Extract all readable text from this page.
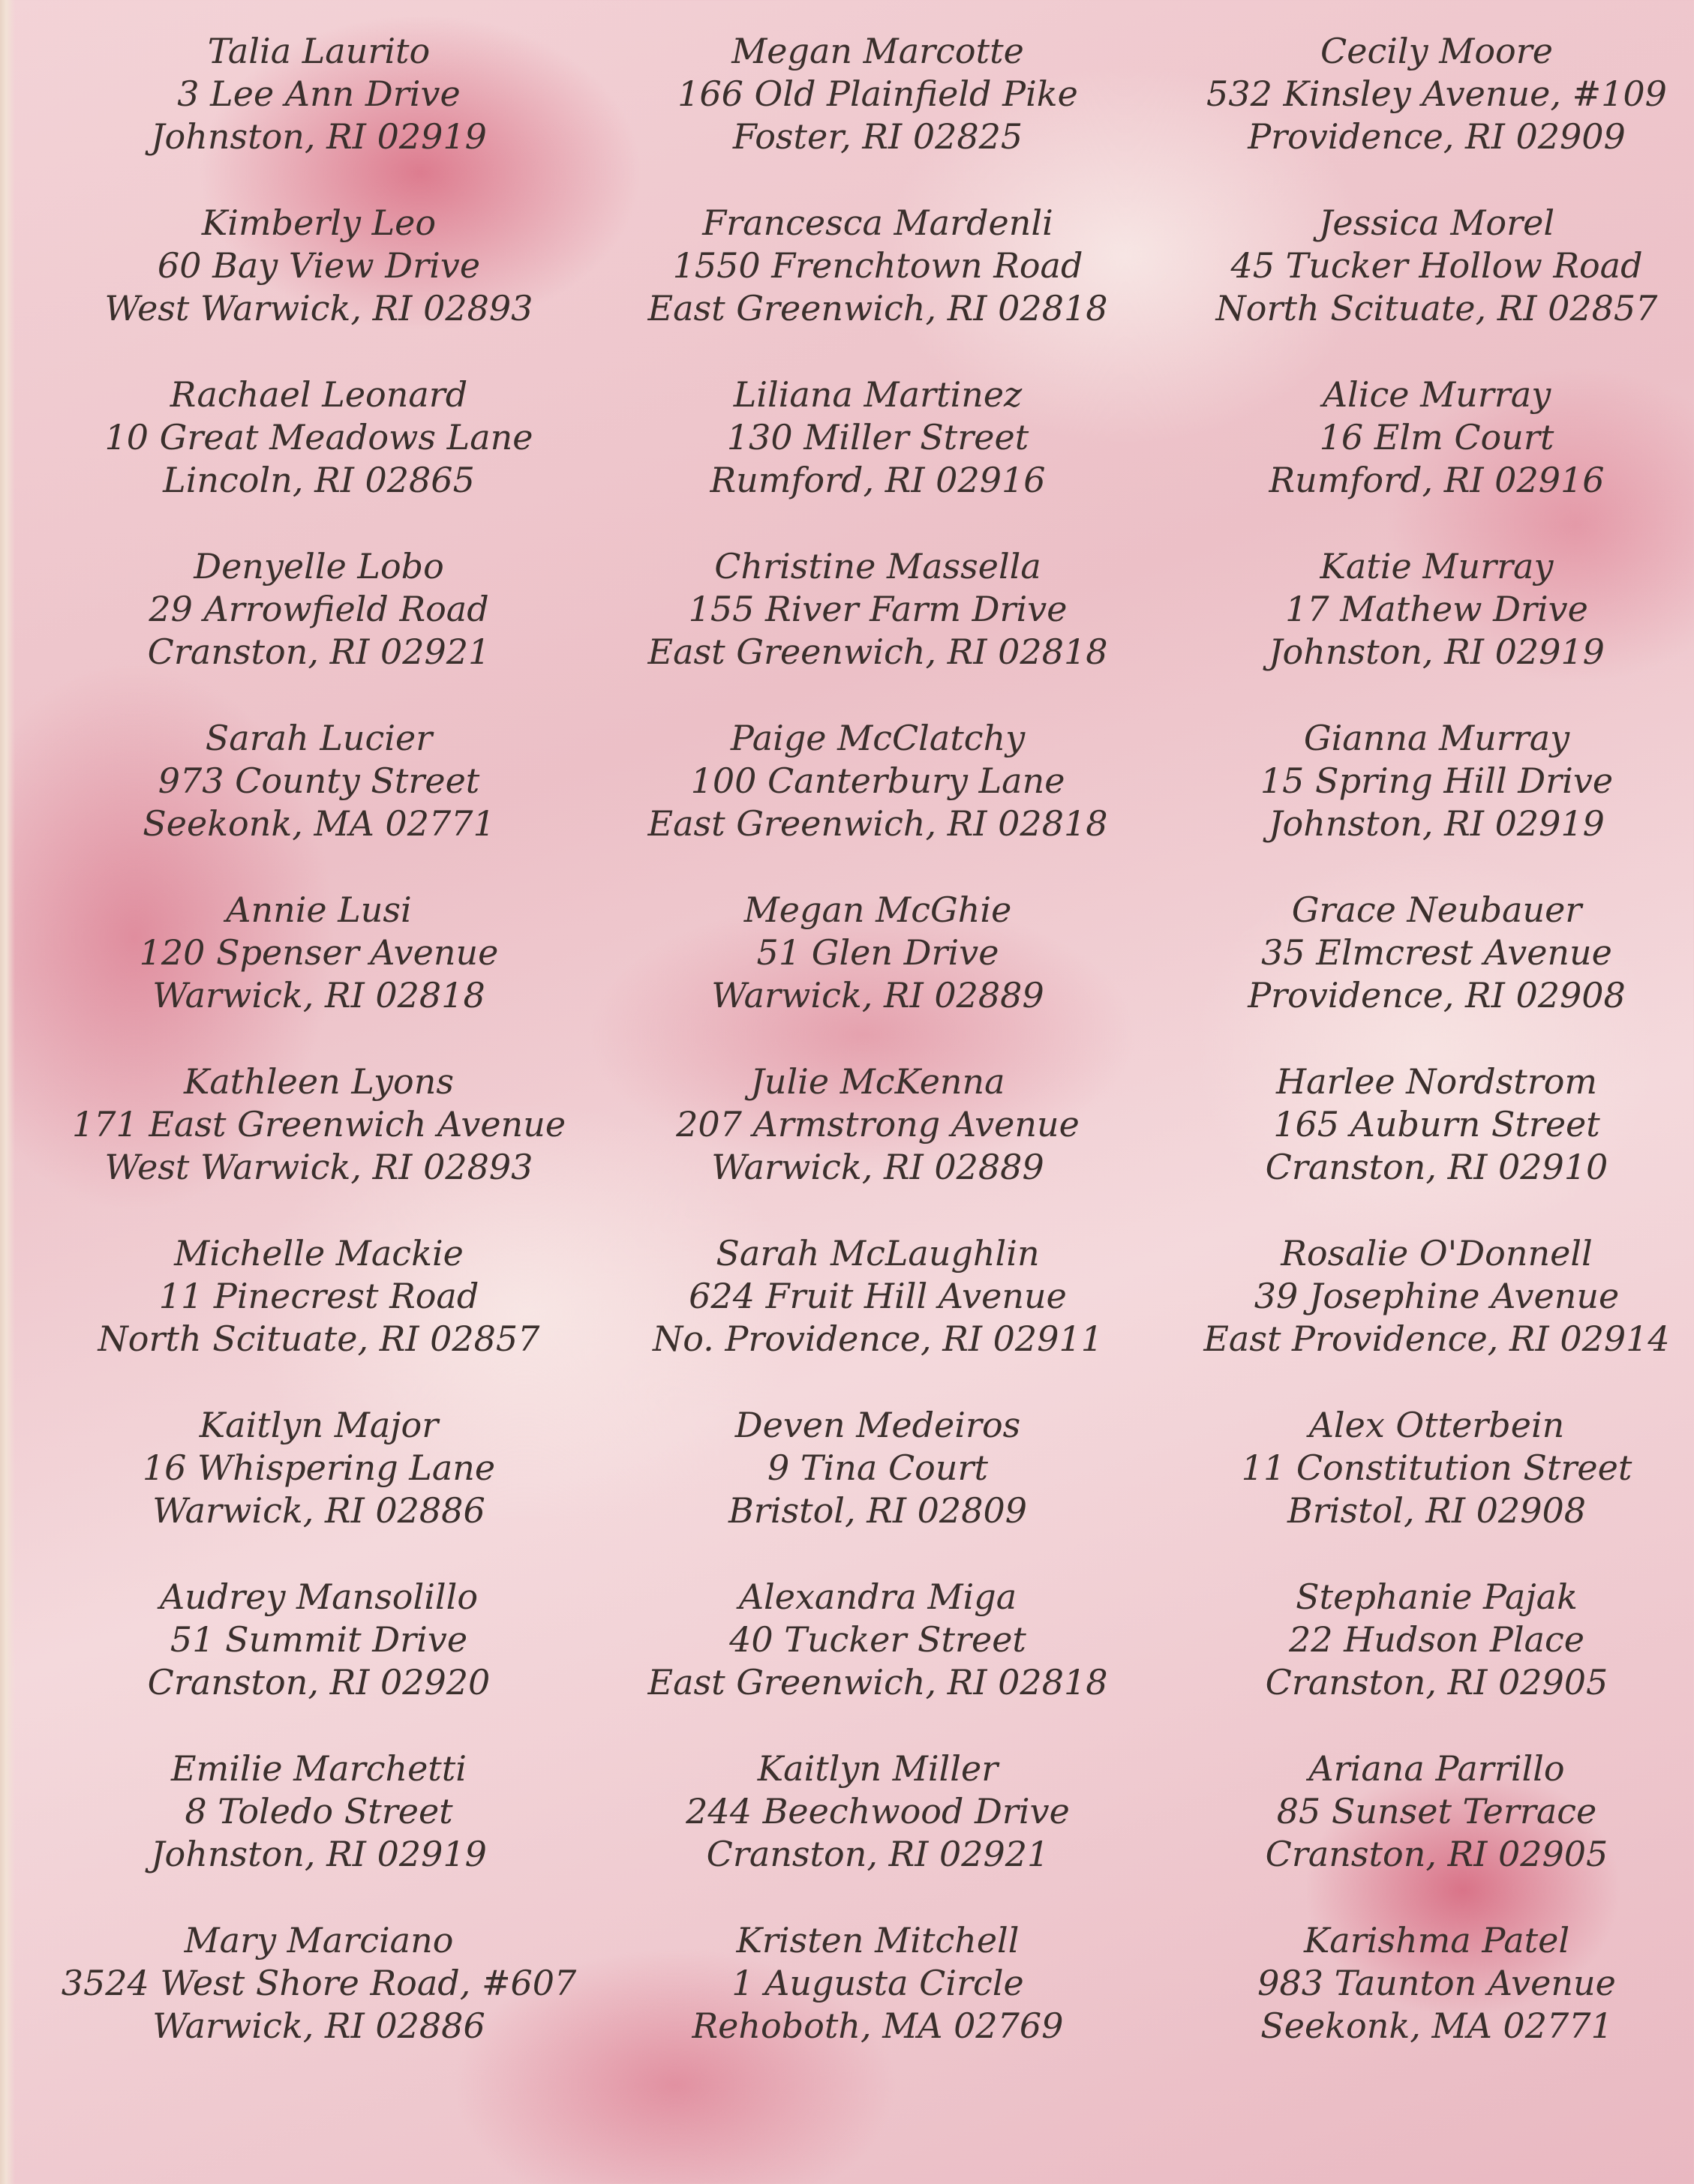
Talia Laurito
3 Lee Ann Drive
Johnston, RI 02919
Kimberly Leo
60 Bay View Drive
West Warwick, RI 02893
Rachael Leonard
10 Great Meadows Lane
Lincoln, RI 02865
Denyelle Lobo
29 Arrowfield Road
Cranston, RI 02921
Sarah Lucier
973 County Street
Seekonk, MA 02771
Annie Lusi
120 Spenser Avenue
Warwick, RI 02818
Kathleen Lyons
171 East Greenwich Avenue
West Warwick, RI 02893
Michelle Mackie
11 Pinecrest Road
North Scituate, RI 02857
Kaitlyn Major
16 Whispering Lane
Warwick, RI 02886
Audrey Mansolillo
51 Summit Drive
Cranston, RI 02920
Emilie Marchetti
8 Toledo Street
Johnston, RI 02919
Mary Marciano
3524 West Shore Road, #607
Warwick, RI 02886
Megan Marcotte
166 Old Plainfield Pike
Foster, RI 02825
Francesca Mardenli
1550 Frenchtown Road
East Greenwich, RI 02818
Liliana Martinez
130 Miller Street
Rumford, RI 02916
Christine Massella
155 River Farm Drive
East Greenwich, RI 02818
Paige McClatchy
100 Canterbury Lane
East Greenwich, RI 02818
Megan McGhie
51 Glen Drive
Warwick, RI 02889
Julie McKenna
207 Armstrong Avenue
Warwick, RI 02889
Sarah McLaughlin
624 Fruit Hill Avenue
No. Providence, RI 02911
Deven Medeiros
9 Tina Court
Bristol, RI 02809
Alexandra Miga
40 Tucker Street
East Greenwich, RI 02818
Kaitlyn Miller
244 Beechwood Drive
Cranston, RI 02921
Kristen Mitchell
1 Augusta Circle
Rehoboth, MA 02769
Cecily Moore
532 Kinsley Avenue, #109
Providence, RI 02909
Jessica Morel
45 Tucker Hollow Road
North Scituate, RI 02857
Alice Murray
16 Elm Court
Rumford, RI 02916
Katie Murray
17 Mathew Drive
Johnston, RI 02919
Gianna Murray
15 Spring Hill Drive
Johnston, RI 02919
Grace Neubauer
35 Elmcrest Avenue
Providence, RI 02908
Harlee Nordstrom
165 Auburn Street
Cranston, RI 02910
Rosalie O'Donnell
39 Josephine Avenue
East Providence, RI 02914
Alex Otterbein
11 Constitution Street
Bristol, RI 02908
Stephanie Pajak
22 Hudson Place
Cranston, RI 02905
Ariana Parrillo
85 Sunset Terrace
Cranston, RI 02905
Karishma Patel
983 Taunton Avenue
Seekonk, MA 02771
